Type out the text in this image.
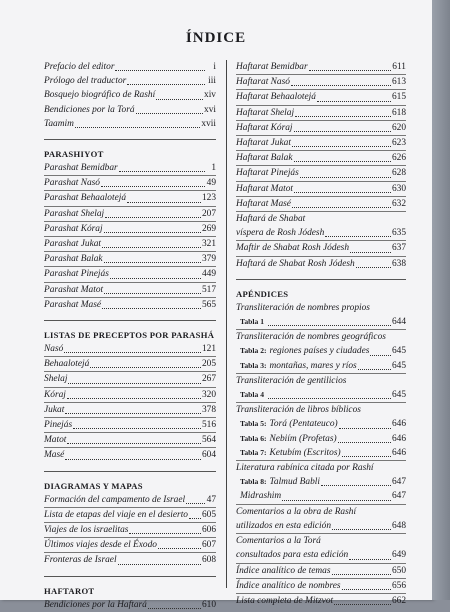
ÍNDICE
Prefacio del editor	i
Prólogo del traductor	iii
Bosquejo biográfico de Rashí	xiv
Bendiciones por la Torá	xvi
Taamim	xvii
PARASHIYOT
Parashat Bemidbar	1
Parashat Nasó	49
Parashat Behaalotejá	123
Parashat Shelaj	207
Parashat Kóraj	269
Parashat Jukat	321
Parashat Balak	379
Parashat Pinejás	449
Parashat Matot	517
Parashat Masé	565
LISTAS DE PRECEPTOS POR PARASHÁ
Nasó	121
Behaalotejá	205
Shelaj	267
Kóraj	320
Jukat	378
Pinejás	516
Matot	564
Masé	604
DIAGRAMAS Y MAPAS
Formación del campamento de Israel 47
Lista de etapas del viaje en el desierto 605
Viajes de los israelitas	606
Últimos viajes desde el Éxodo	607
Fronteras de Israel	608
HAFTAROT
Bendiciones por la Haftará	610
Haftarat Bemidbar	611
Haftarat Nasó	613
Haftarat Behaalotejá	615
Haftarat Shelaj	618
Haftarat Kóraj	620
Haftarat Jukat	623
Haftarat Balak	626
Haftarat Pinejás	628
Haftarat Matot	630
Haftarat Masé	632
Haftará de Shabat
víspera de Rosh Jódesh	635
Maftir de Shabat Rosh Jódesh	637
Haftará de Shabat Rosh Jódesh	638
APÉNDICES
Transliteración de nombres propios
Tabla 1	644
Transliteración de nombres geográficos
Tabla 2: regiones países y ciudades 645
Tabla 3: montañas, mares y ríos	645
Transliteración de gentilicios
Tabla 4	645
Transliteración de libros bíblicos
Tabla 5: Torá (Pentateuco)	646
Tabla 6: Nebiím (Profetas)	646
Tabla 7: Ketubím (Escritos)	646
Literatura rabínica citada por Rashí
Tabla 8: Talmud Babli	647
Midrashim	647
Comentarios a la obra de Rashí
utilizados en esta edición	648
Comentarios a la Torá
consultados para esta edición	649
Índice analítico de temas	650
Índice analítico de nombres	656
Lista completa de Mitzvot	662
